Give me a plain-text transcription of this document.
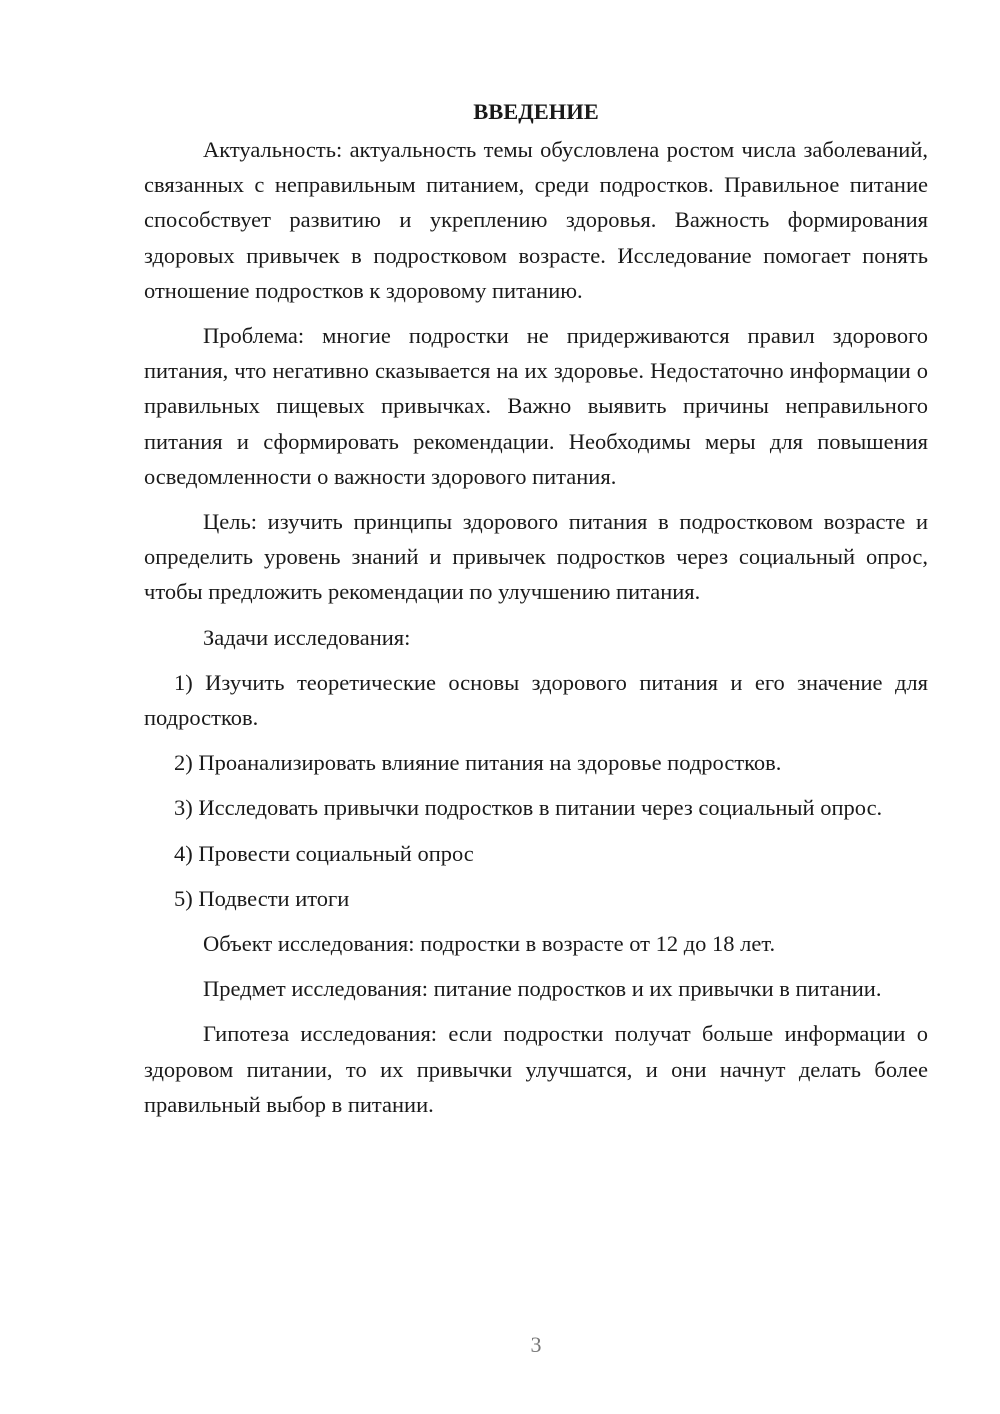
ВВЕДЕНИЕ

Актуальность: актуальность темы обусловлена ростом числа заболеваний, связанных с неправильным питанием, среди подростков. Правильное питание способствует развитию и укреплению здоровья. Важность формирования здоровых привычек в подростковом возрасте. Исследование помогает понять отношение подростков к здоровому питанию.

Проблема: многие подростки не придерживаются правил здорового питания, что негативно сказывается на их здоровье. Недостаточно информации о правильных пищевых привычках. Важно выявить причины неправильного питания и сформировать рекомендации. Необходимы меры для повышения осведомленности о важности здорового питания.

Цель: изучить принципы здорового питания в подростковом возрасте и определить уровень знаний и привычек подростков через социальный опрос, чтобы предложить рекомендации по улучшению питания.

Задачи исследования:

1) Изучить теоретические основы здорового питания и его значение для подростков.

2) Проанализировать влияние питания на здоровье подростков.

3) Исследовать привычки подростков в питании через социальный опрос.

4) Провести социальный опрос

5) Подвести итоги

Объект исследования: подростки в возрасте от 12 до 18 лет.

Предмет исследования: питание подростков и их привычки в питании.

Гипотеза исследования: если подростки получат больше информации о здоровом питании, то их привычки улучшатся, и они начнут делать более правильный выбор в питании.

3
